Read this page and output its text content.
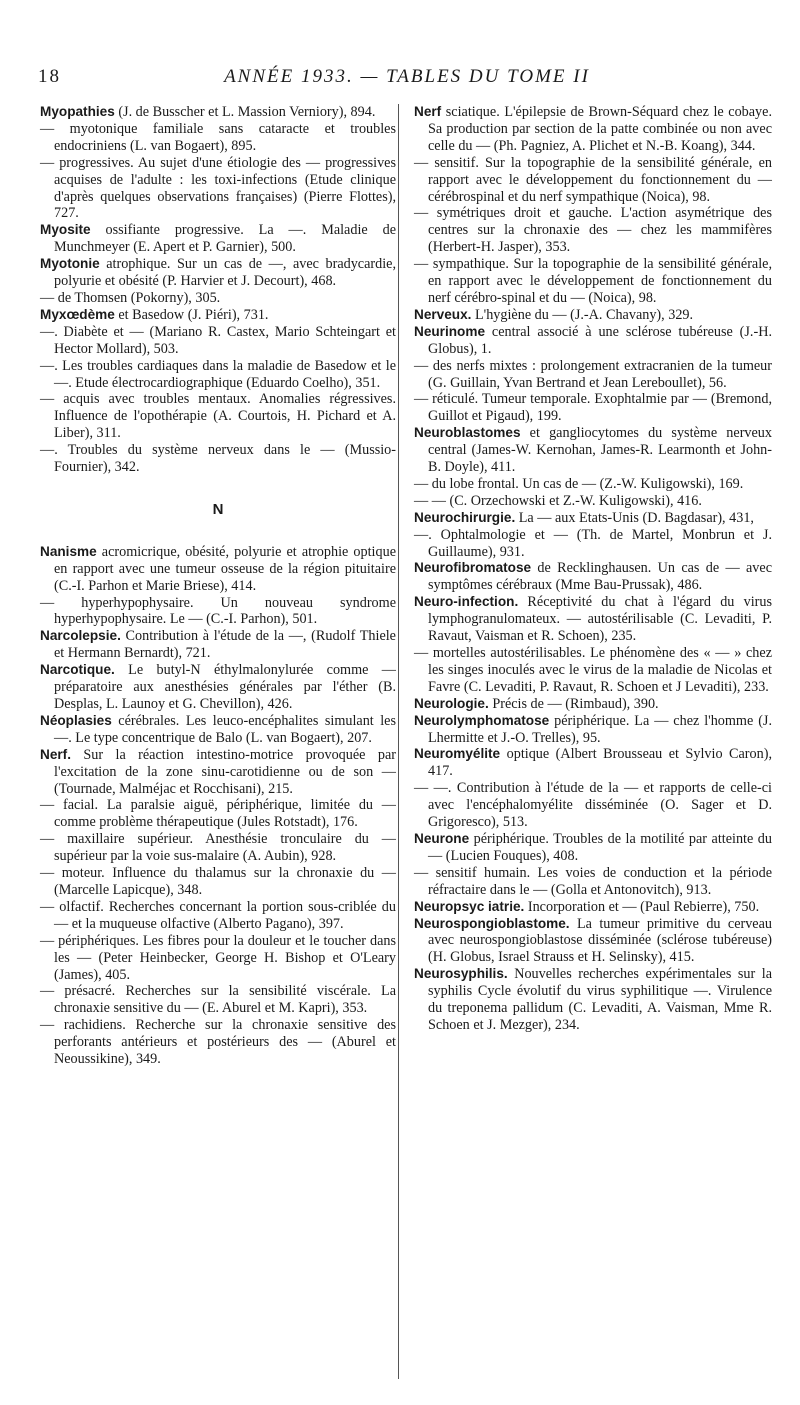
18	ANNÉE 1933. — TABLES DU TOME II

Myopathies (J. de Busscher et L. Massion Verniory), 894.

— myotonique familiale sans cataracte et troubles endocriniens (L. van Bogaert), 895.

— progressives. Au sujet d'une étiologie des — progressives acquises de l'adulte : les toxi-infections (Etude clinique d'après quelques observations françaises) (Pierre Flottes), 727.

Myosite ossifiante progressive. La —. Maladie de Munchmeyer (E. Apert et P. Garnier), 500.

Myotonie atrophique. Sur un cas de —, avec bradycardie, polyurie et obésité (P. Harvier et J. Decourt), 468.

— de Thomsen (Pokorny), 305.

Myxœdème et Basedow (J. Piéri), 731.

—. Diabète et — (Mariano R. Castex, Mario Schteingart et Hector Mollard), 503.

—. Les troubles cardiaques dans la maladie de Basedow et le —. Etude électrocardiographique (Eduardo Coelho), 351.

— acquis avec troubles mentaux. Anomalies régressives. Influence de l'opothérapie (A. Courtois, H. Pichard et A. Liber), 311.

—. Troubles du système nerveux dans le — (Mussio-Fournier), 342.

N

Nanisme acromicrique, obésité, polyurie et atrophie optique en rapport avec une tumeur osseuse de la région pituitaire (C.-I. Parhon et Marie Briese), 414.

— hyperhypophysaire. Un nouveau syndrome hyperhypophysaire. Le — (C.-I. Parhon), 501.

Narcolepsie. Contribution à l'étude de la —, (Rudolf Thiele et Hermann Bernardt), 721.

Narcotique. Le butyl-N éthylmalonylurée comme — préparatoire aux anesthésies générales par l'éther (B. Desplas, L. Launoy et G. Chevillon), 426.

Néoplasies cérébrales. Les leuco-encéphalites simulant les —. Le type concentrique de Balo (L. van Bogaert), 207.

Nerf. Sur la réaction intestino-motrice provoquée par l'excitation de la zone sinu-carotidienne ou de son — (Tournade, Malméjac et Rocchisani), 215.

— facial. La paralsie aiguë, périphérique, limitée du — comme problème thérapeutique (Jules Rotstadt), 176.

— maxillaire supérieur. Anesthésie tronculaire du — supérieur par la voie sus-malaire (A. Aubin), 928.

— moteur. Influence du thalamus sur la chronaxie du — (Marcelle Lapicque), 348.

— olfactif. Recherches concernant la portion sous-criblée du — et la muqueuse olfactive (Alberto Pagano), 397.

— périphériques. Les fibres pour la douleur et le toucher dans les — (Peter Heinbecker, George H. Bishop et O'Leary (James), 405.

— présacré. Recherches sur la sensibilité viscérale. La chronaxie sensitive du — (E. Aburel et M. Kapri), 353.

— rachidiens. Recherche sur la chronaxie sensitive des perforants antérieurs et postérieurs des — (Aburel et Neoussikine), 349.

Nerf sciatique. L'épilepsie de Brown-Séquard chez le cobaye. Sa production par section de la patte combinée ou non avec celle du — (Ph. Pagniez, A. Plichet et N.-B. Koang), 344.

— sensitif. Sur la topographie de la sensibilité générale, en rapport avec le développement du fonctionnement du — cérébrospinal et du nerf sympathique (Noica), 98.

— symétriques droit et gauche. L'action asymétrique des centres sur la chronaxie des — chez les mammifères (Herbert-H. Jasper), 353.

— sympathique. Sur la topographie de la sensibilité générale, en rapport avec le développement de fonctionnement du nerf cérébro-spinal et du — (Noica), 98.

Nerveux. L'hygiène du — (J.-A. Chavany), 329.

Neurinome central associé à une sclérose tubéreuse (J.-H. Globus), 1.

— des nerfs mixtes : prolongement extracranien de la tumeur (G. Guillain, Yvan Bertrand et Jean Lereboullet), 56.

— réticulé. Tumeur temporale. Exophtalmie par — (Bremond, Guillot et Pigaud), 199.

Neuroblastomes et gangliocytomes du système nerveux central (James-W. Kernohan, James-R. Learmonth et John-B. Doyle), 411.

— du lobe frontal. Un cas de — (Z.-W. Kuligowski), 169.

— — (C. Orzechowski et Z.-W. Kuligowski), 416.

Neurochirurgie. La — aux Etats-Unis (D. Bagdasar), 431,

—. Ophtalmologie et — (Th. de Martel, Monbrun et J. Guillaume), 931.

Neurofibromatose de Recklinghausen. Un cas de — avec symptômes cérébraux (Mme Bau-Prussak), 486.

Neuro-infection. Réceptivité du chat à l'égard du virus lymphogranulomateux. — autostérilisable (C. Levaditi, P. Ravaut, Vaisman et R. Schoen), 235.

— mortelles autostérilisables. Le phénomène des « — » chez les singes inoculés avec le virus de la maladie de Nicolas et Favre (C. Levaditi, P. Ravaut, R. Schoen et J Levaditi), 233.

Neurologie. Précis de — (Rimbaud), 390.

Neurolymphomatose périphérique. La — chez l'homme (J. Lhermitte et J.-O. Trelles), 95.

Neuromyélite optique (Albert Brousseau et Sylvio Caron), 417.

— —. Contribution à l'étude de la — et rapports de celle-ci avec l'encéphalomyélite disséminée (O. Sager et D. Grigoresco), 513.

Neurone périphérique. Troubles de la motilité par atteinte du — (Lucien Fouques), 408.

— sensitif humain. Les voies de conduction et la période réfractaire dans le — (Golla et Antonovitch), 913.

Neuropsyc iatrie. Incorporation et — (Paul Rebierre), 750.

Neurospongioblastome. La tumeur primitive du cerveau avec neurospongioblastose disséminée (sclérose tubéreuse) (H. Globus, Israel Strauss et H. Selinsky), 415.

Neurosyphilis. Nouvelles recherches expérimentales sur la syphilis Cycle évolutif du virus syphilitique —. Virulence du treponema pallidum (C. Levaditi, A. Vaisman, Mme R. Schoen et J. Mezger), 234.
